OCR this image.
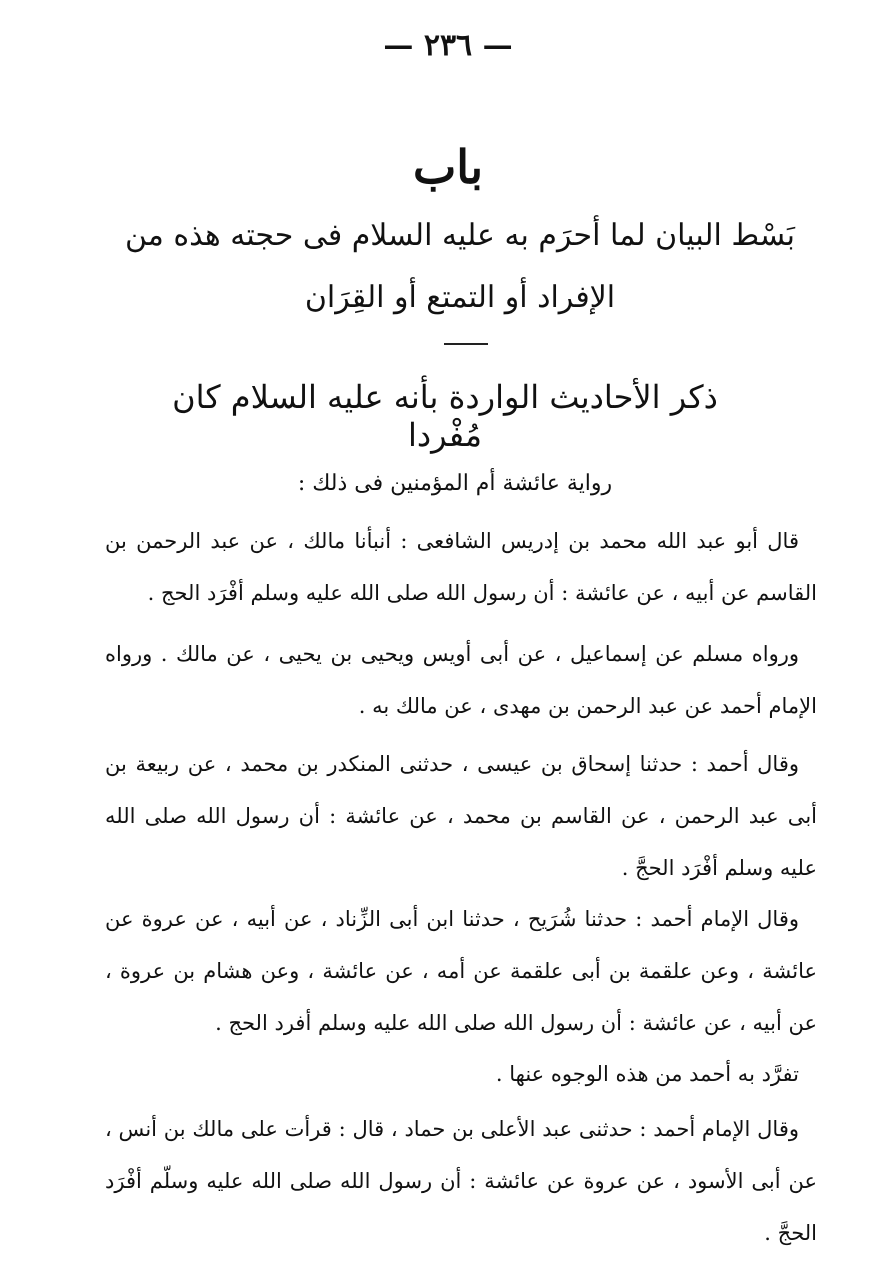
— ٢٣٦ —
باب
بَسْط البيان لما أحرَم به عليه السلام فى حجته هذه من الإفراد أو التمتع أو القِرَان
ذكر الأحاديث الواردة بأنه عليه السلام كان مُفْردا
رواية عائشة أم المؤمنين فى ذلك :
قال أبو عبد الله محمد بن إدريس الشافعى : أنبأنا مالك ، عن عبد الرحمن بن القاسم عن أبيه ، عن عائشة : أن رسول الله صلى الله عليه وسلم أفْرَد الحج .
ورواه مسلم عن إسماعيل ، عن أبى أويس ويحيى بن يحيى ، عن مالك . ورواه الإمام أحمد عن عبد الرحمن بن مهدى ، عن مالك به .
وقال أحمد : حدثنا إسحاق بن عيسى ، حدثنى المنكدر بن محمد ، عن ربيعة بن أبى عبد الرحمن ، عن القاسم بن محمد ، عن عائشة : أن رسول الله صلى الله عليه وسلم أفْرَد الحجَّ .
وقال الإمام أحمد : حدثنا شُرَيح ، حدثنا ابن أبى الزِّناد ، عن أبيه ، عن عروة عن عائشة ، وعن علقمة بن أبى علقمة عن أمه ، عن عائشة ، وعن هشام بن عروة ، عن أبيه ، عن عائشة : أن رسول الله صلى الله عليه وسلم أفرد الحج .
تفرَّد به أحمد من هذه الوجوه عنها .
وقال الإمام أحمد : حدثنى عبد الأعلى بن حماد ، قال : قرأت على مالك بن أنس ، عن أبى الأسود ، عن عروة عن عائشة : أن رسول الله صلى الله عليه وسلّم أفْرَد الحجَّ .
